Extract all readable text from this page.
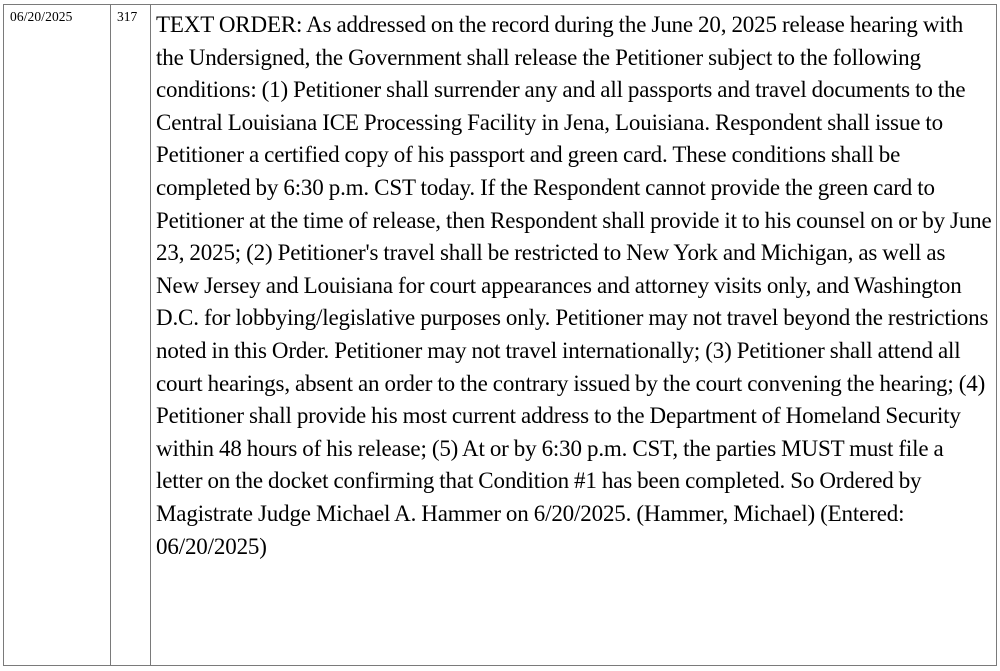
06/20/2025	317	TEXT ORDER: As addressed on the record during the June 20, 2025 release hearing with the Undersigned, the Government shall release the Petitioner subject to the following conditions: (1) Petitioner shall surrender any and all passports and travel documents to the Central Louisiana ICE Processing Facility in Jena, Louisiana. Respondent shall issue to Petitioner a certified copy of his passport and green card. These conditions shall be completed by 6:30 p.m. CST today. If the Respondent cannot provide the green card to Petitioner at the time of release, then Respondent shall provide it to his counsel on or by June 23, 2025; (2) Petitioner's travel shall be restricted to New York and Michigan, as well as New Jersey and Louisiana for court appearances and attorney visits only, and Washington D.C. for lobbying/legislative purposes only. Petitioner may not travel beyond the restrictions noted in this Order. Petitioner may not travel internationally; (3) Petitioner shall attend all court hearings, absent an order to the contrary issued by the court convening the hearing; (4) Petitioner shall provide his most current address to the Department of Homeland Security within 48 hours of his release; (5) At or by 6:30 p.m. CST, the parties MUST must file a letter on the docket confirming that Condition #1 has been completed. So Ordered by Magistrate Judge Michael A. Hammer on 6/20/2025. (Hammer, Michael) (Entered: 06/20/2025)
